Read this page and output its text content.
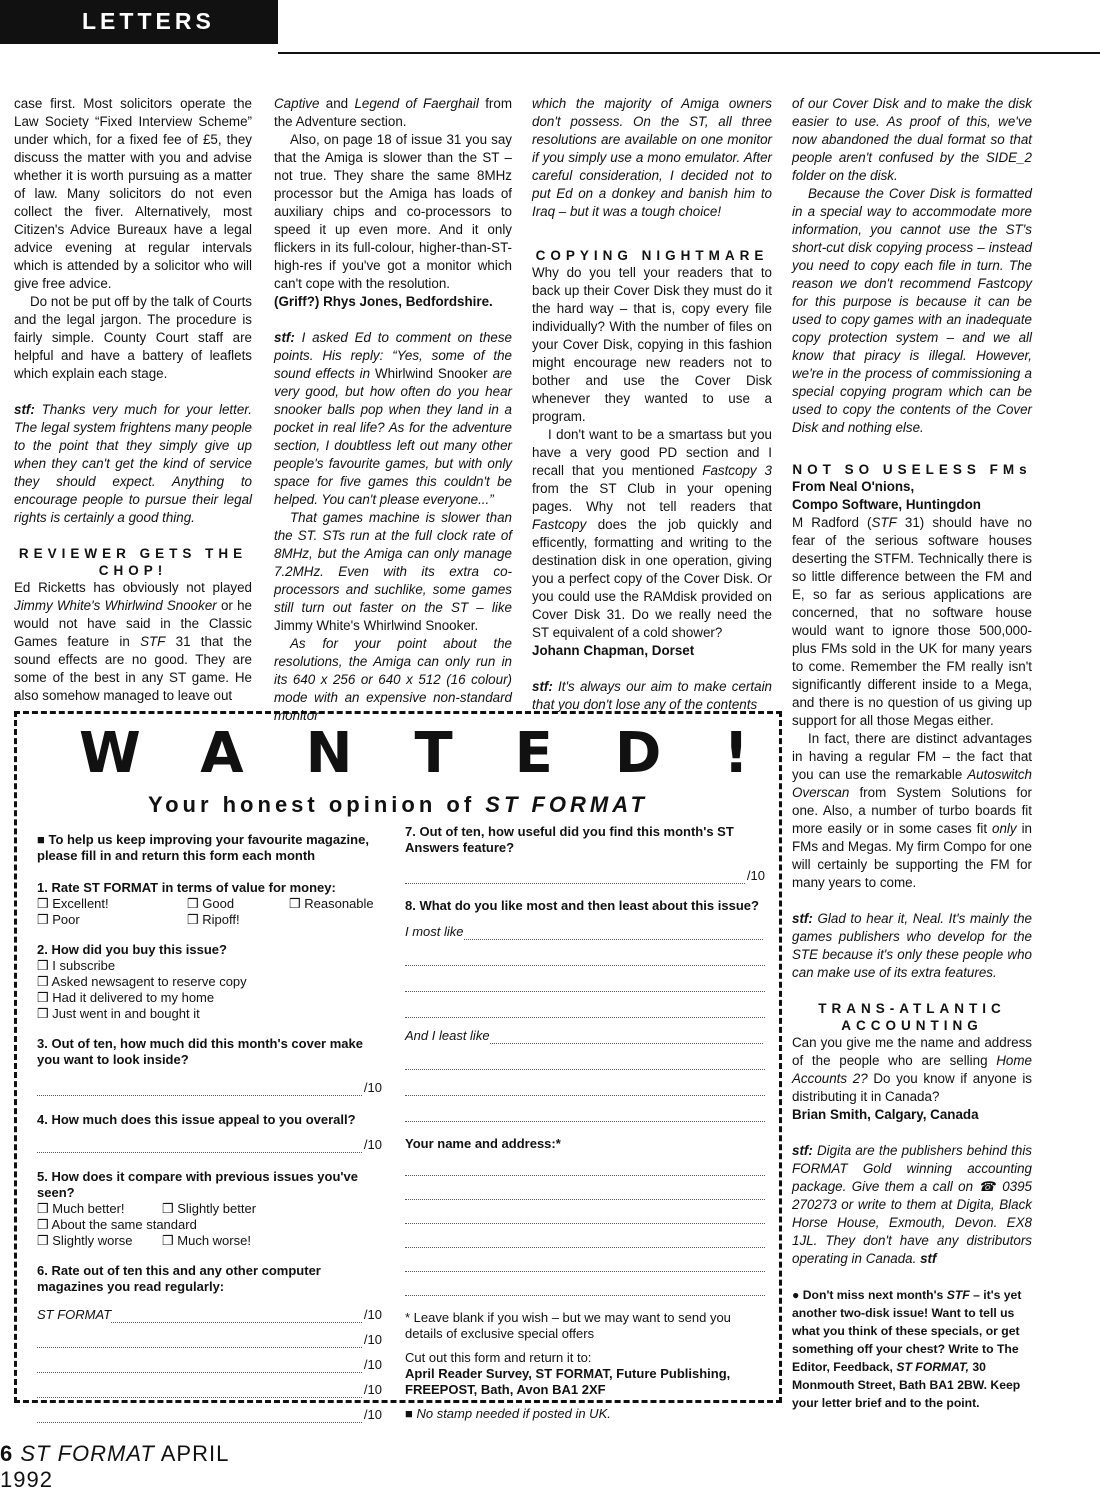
LETTERS

case first. Most solicitors operate the Law Society “Fixed Interview Scheme” under which, for a fixed fee of £5, they discuss the matter with you and advise whether it is worth pursuing as a matter of law. Many solicitors do not even collect the fiver. Alternatively, most Citizen's Advice Bureaux have a legal advice evening at regular intervals which is attended by a solicitor who will give free advice.

Do not be put off by the talk of Courts and the legal jargon. The procedure is fairly simple. County Court staff are helpful and have a battery of leaflets which explain each stage.

stf: Thanks very much for your letter. The legal system frightens many people to the point that they simply give up when they can't get the kind of service they should expect. Anything to encourage people to pursue their legal rights is certainly a good thing.

REVIEWER GETS THE CHOP!

Ed Ricketts has obviously not played Jimmy White's Whirlwind Snooker or he would not have said in the Classic Games feature in STF 31 that the sound effects are no good. They are some of the best in any ST game. He also somehow managed to leave out

Captive and Legend of Faerghail from the Adventure section.

Also, on page 18 of issue 31 you say that the Amiga is slower than the ST – not true. They share the same 8MHz processor but the Amiga has loads of auxiliary chips and co-processors to speed it up even more. And it only flickers in its full-colour, higher-than-ST-high-res if you've got a monitor which can't cope with the resolution.

(Griff?) Rhys Jones, Bedfordshire.

stf: I asked Ed to comment on these points. His reply: “Yes, some of the sound effects in Whirlwind Snooker are very good, but how often do you hear snooker balls pop when they land in a pocket in real life? As for the adventure section, I doubtless left out many other people's favourite games, but with only space for five games this couldn't be helped. You can't please everyone...”

That games machine is slower than the ST. STs run at the full clock rate of 8MHz, but the Amiga can only manage 7.2MHz. Even with its extra co-processors and suchlike, some games still turn out faster on the ST – like Jimmy White's Whirlwind Snooker.

As for your point about the resolutions, the Amiga can only run in its 640 x 256 or 640 x 512 (16 colour) mode with an expensive non-standard monitor

which the majority of Amiga owners don't possess. On the ST, all three resolutions are available on one monitor if you simply use a mono emulator. After careful consideration, I decided not to put Ed on a donkey and banish him to Iraq – but it was a tough choice!

COPYING NIGHTMARE

Why do you tell your readers that to back up their Cover Disk they must do it the hard way – that is, copy every file individually? With the number of files on your Cover Disk, copying in this fashion might encourage new readers not to bother and use the Cover Disk whenever they wanted to use a program.

I don't want to be a smartass but you have a very good PD section and I recall that you mentioned Fastcopy 3 from the ST Club in your opening pages. Why not tell readers that Fastcopy does the job quickly and efficently, formatting and writing to the destination disk in one operation, giving you a perfect copy of the Cover Disk. Or you could use the RAMdisk provided on Cover Disk 31. Do we really need the ST equivalent of a cold shower?

Johann Chapman, Dorset

stf: It's always our aim to make certain that you don't lose any of the contents

of our Cover Disk and to make the disk easier to use. As proof of this, we've now abandoned the dual format so that people aren't confused by the SIDE_2 folder on the disk.

Because the Cover Disk is formatted in a special way to accommodate more information, you cannot use the ST's short-cut disk copying process – instead you need to copy each file in turn. The reason we don't recommend Fastcopy for this purpose is because it can be used to copy games with an inadequate copy protection system – and we all know that piracy is illegal. However, we're in the process of commissioning a special copying program which can be used to copy the contents of the Cover Disk and nothing else.

NOT SO USELESS FMs

From Neal O'nions,

Compo Software, Huntingdon

M Radford (STF 31) should have no fear of the serious software houses deserting the STFM. Technically there is so little difference between the FM and E, so far as serious applications are concerned, that no software house would want to ignore those 500,000-plus FMs sold in the UK for many years to come. Remember the FM really isn't significantly different inside to a Mega, and there is no question of us giving up support for all those Megas either.

In fact, there are distinct advantages in having a regular FM – the fact that you can use the remarkable Autoswitch Overscan from System Solutions for one. Also, a number of turbo boards fit more easily or in some cases fit only in FMs and Megas. My firm Compo for one will certainly be supporting the FM for many years to come.

stf: Glad to hear it, Neal. It's mainly the games publishers who develop for the STE because it's only these people who can make use of its extra features.

TRANS-ATLANTIC ACCOUNTING

Can you give me the name and address of the people who are selling Home Accounts 2? Do you know if anyone is distributing it in Canada?

Brian Smith, Calgary, Canada

stf: Digita are the publishers behind this FORMAT Gold winning accounting package. Give them a call on ☎ 0395 270273 or write to them at Digita, Black Horse House, Exmouth, Devon. EX8 1JL. They don't have any distributors operating in Canada. stf

● Don't miss next month's STF – it's yet another two-disk issue! Want to tell us what you think of these specials, or get something off your chest? Write to The Editor, Feedback, ST FORMAT, 30 Monmouth Street, Bath BA1 2BW. Keep your letter brief and to the point.

WANTED!
Your honest opinion of ST FORMAT
■ To help us keep improving your favourite magazine, please fill in and return this form each month
1. Rate ST FORMAT in terms of value for money:
❒ Excellent!	❒ Good	❒ Reasonable
❒ Poor	❒ Ripoff!
2. How did you buy this issue?
❒ I subscribe
❒ Asked newsagent to reserve copy
❒ Had it delivered to my home
❒ Just went in and bought it
3. Out of ten, how much did this month's cover make you want to look inside?
/10
4. How much does this issue appeal to you overall?
/10
5. How does it compare with previous issues you've seen?
❒ Much better!	❒ Slightly better
❒ About the same standard
❒ Slightly worse	❒ Much worse!
6. Rate out of ten this and any other computer magazines you read regularly:
ST FORMAT	/10
/10
/10
/10
/10
7. Out of ten, how useful did you find this month's ST Answers feature?
/10
8. What do you like most and then least about this issue?
I most like
And I least like
Your name and address:*
* Leave blank if you wish – but we may want to send you details of exclusive special offers
Cut out this form and return it to:
April Reader Survey, ST FORMAT, Future Publishing,
FREEPOST, Bath, Avon BA1 2XF
■ No stamp needed if posted in UK.
6 ST FORMAT APRIL 1992
